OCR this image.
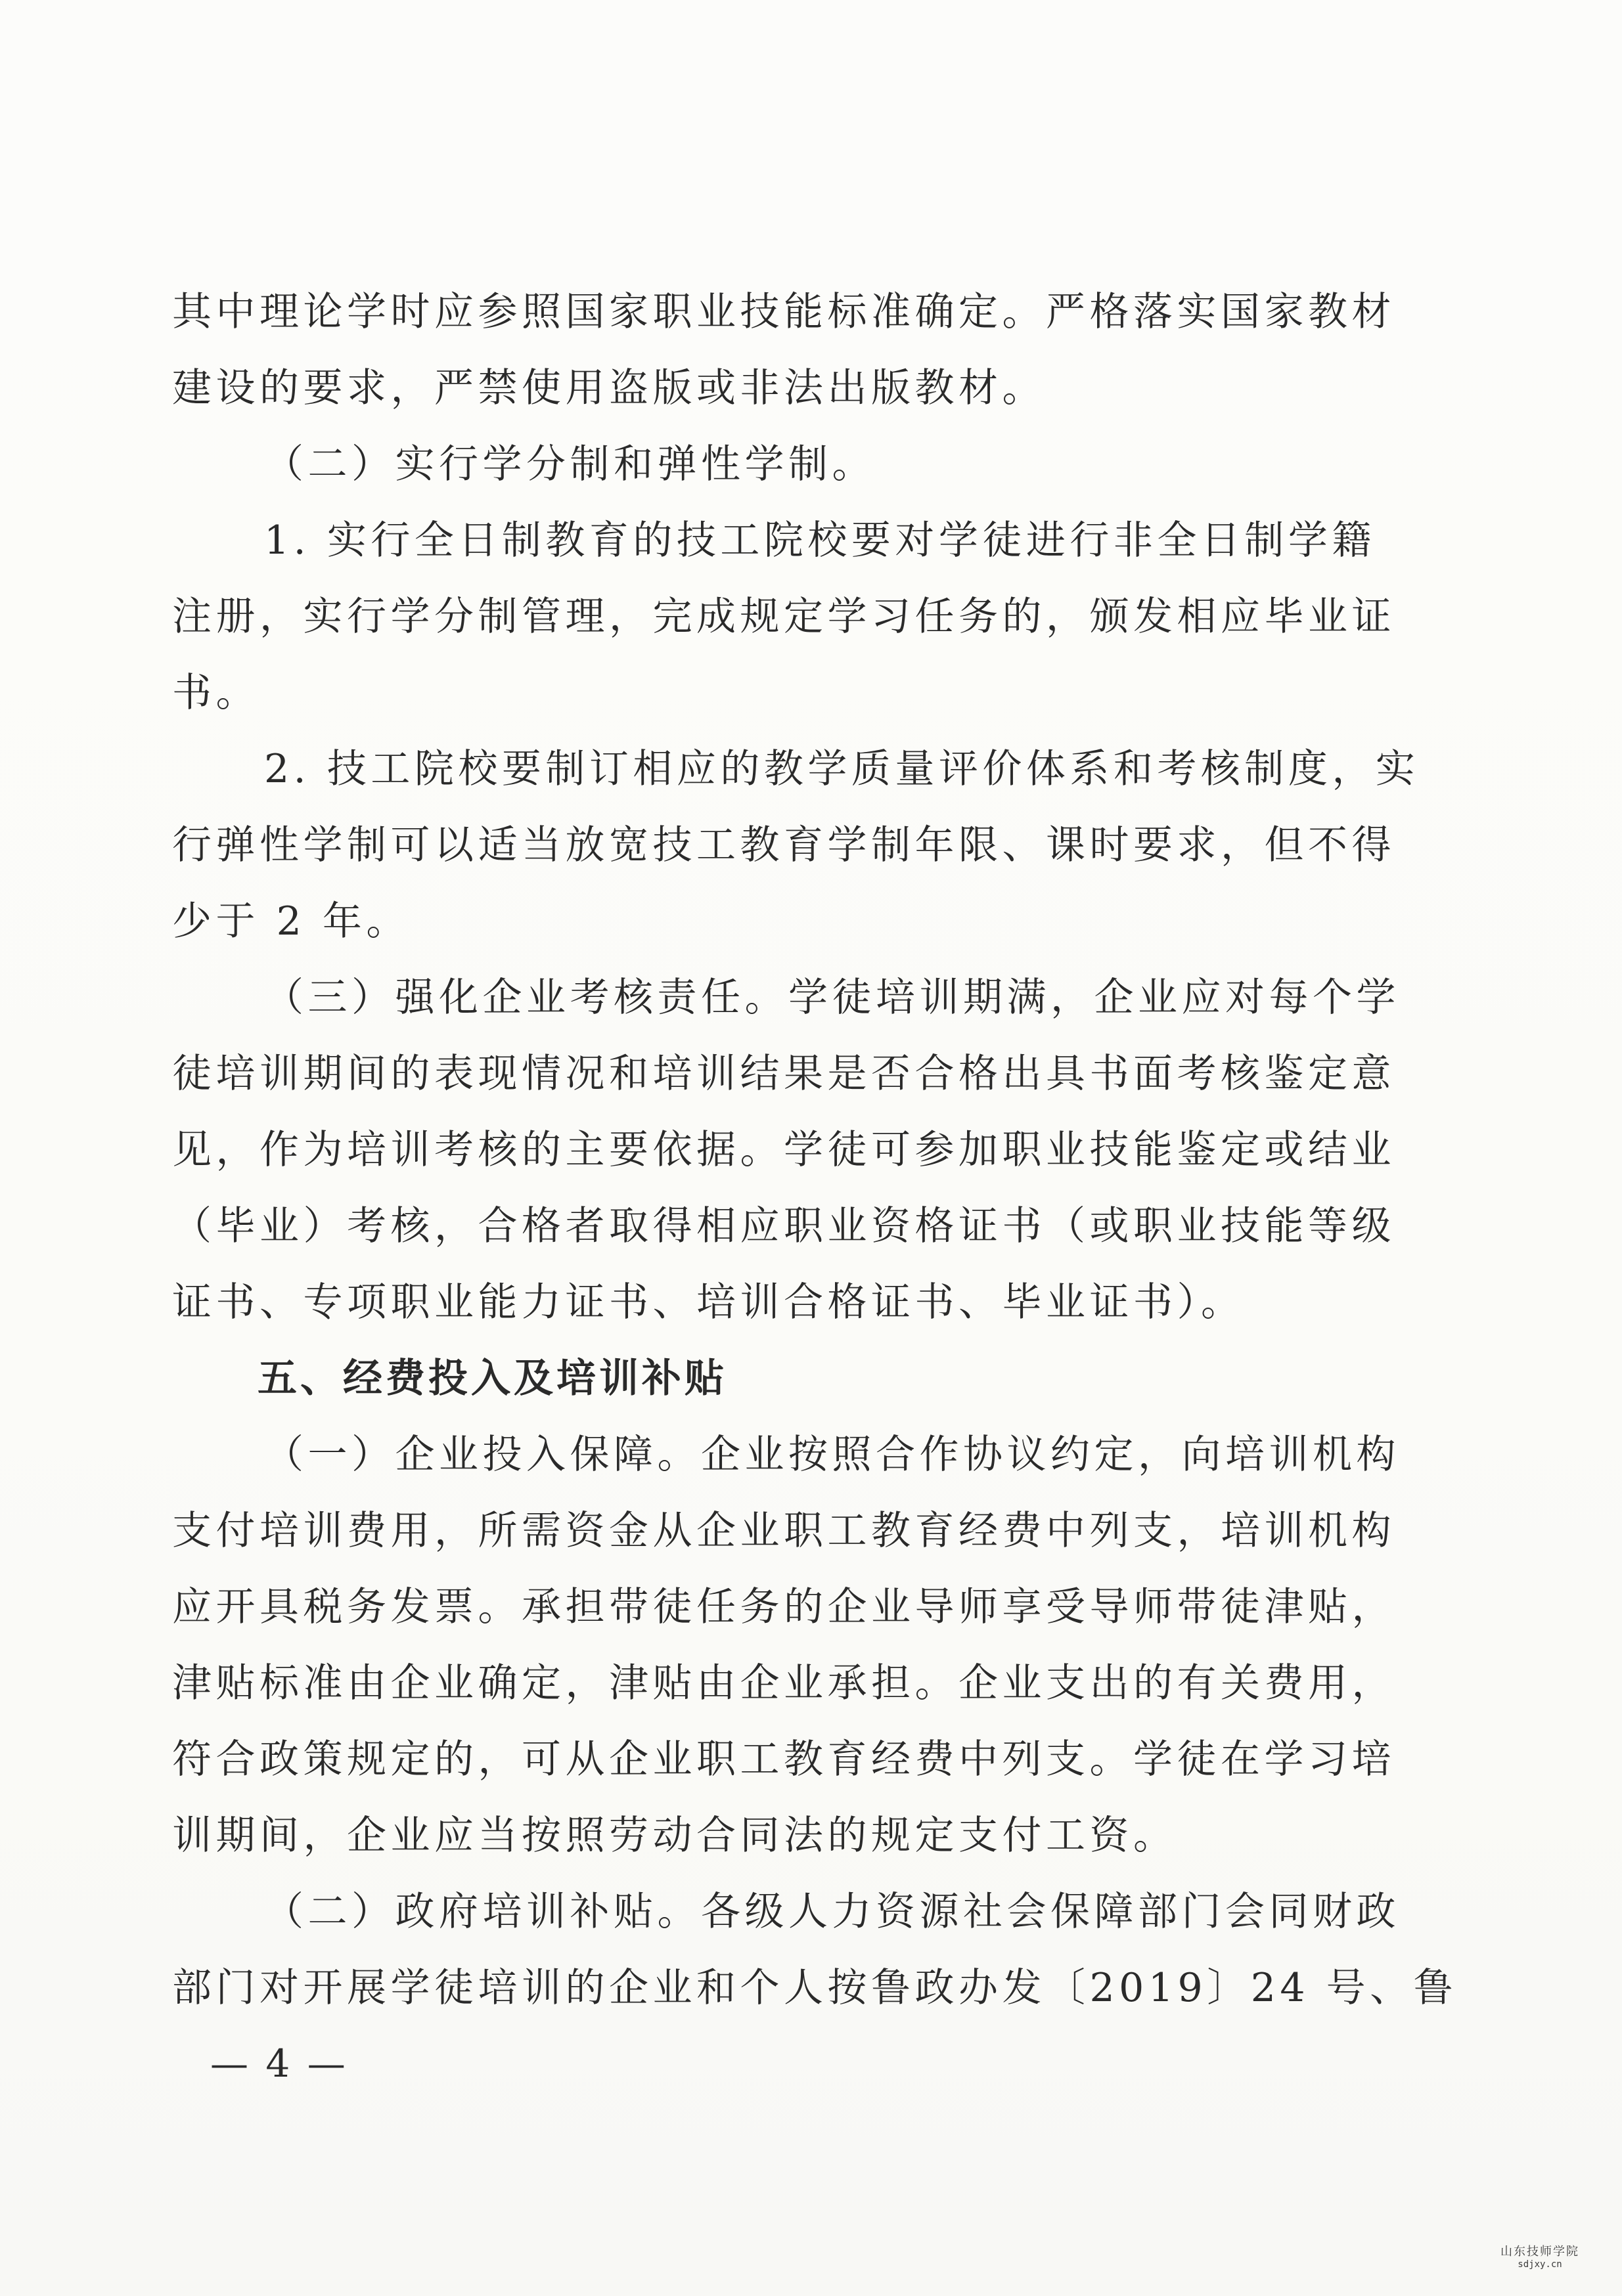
其中理论学时应参照国家职业技能标准确定。严格落实国家教材
建设的要求，严禁使用盗版或非法出版教材。
（二）实行学分制和弹性学制。
1. 实行全日制教育的技工院校要对学徒进行非全日制学籍
注册，实行学分制管理，完成规定学习任务的，颁发相应毕业证
书。
2. 技工院校要制订相应的教学质量评价体系和考核制度，实
行弹性学制可以适当放宽技工教育学制年限、课时要求，但不得
少于 2 年。
（三）强化企业考核责任。学徒培训期满，企业应对每个学
徒培训期间的表现情况和培训结果是否合格出具书面考核鉴定意
见，作为培训考核的主要依据。学徒可参加职业技能鉴定或结业
（毕业）考核，合格者取得相应职业资格证书（或职业技能等级
证书、专项职业能力证书、培训合格证书、毕业证书）。
五、经费投入及培训补贴
（一）企业投入保障。企业按照合作协议约定，向培训机构
支付培训费用，所需资金从企业职工教育经费中列支，培训机构
应开具税务发票。承担带徒任务的企业导师享受导师带徒津贴，
津贴标准由企业确定，津贴由企业承担。企业支出的有关费用，
符合政策规定的，可从企业职工教育经费中列支。学徒在学习培
训期间，企业应当按照劳动合同法的规定支付工资。
（二）政府培训补贴。各级人力资源社会保障部门会同财政
部门对开展学徒培训的企业和个人按鲁政办发〔2019〕24 号、鲁
— 4 —
山东技师学院
sdjxy.cn
